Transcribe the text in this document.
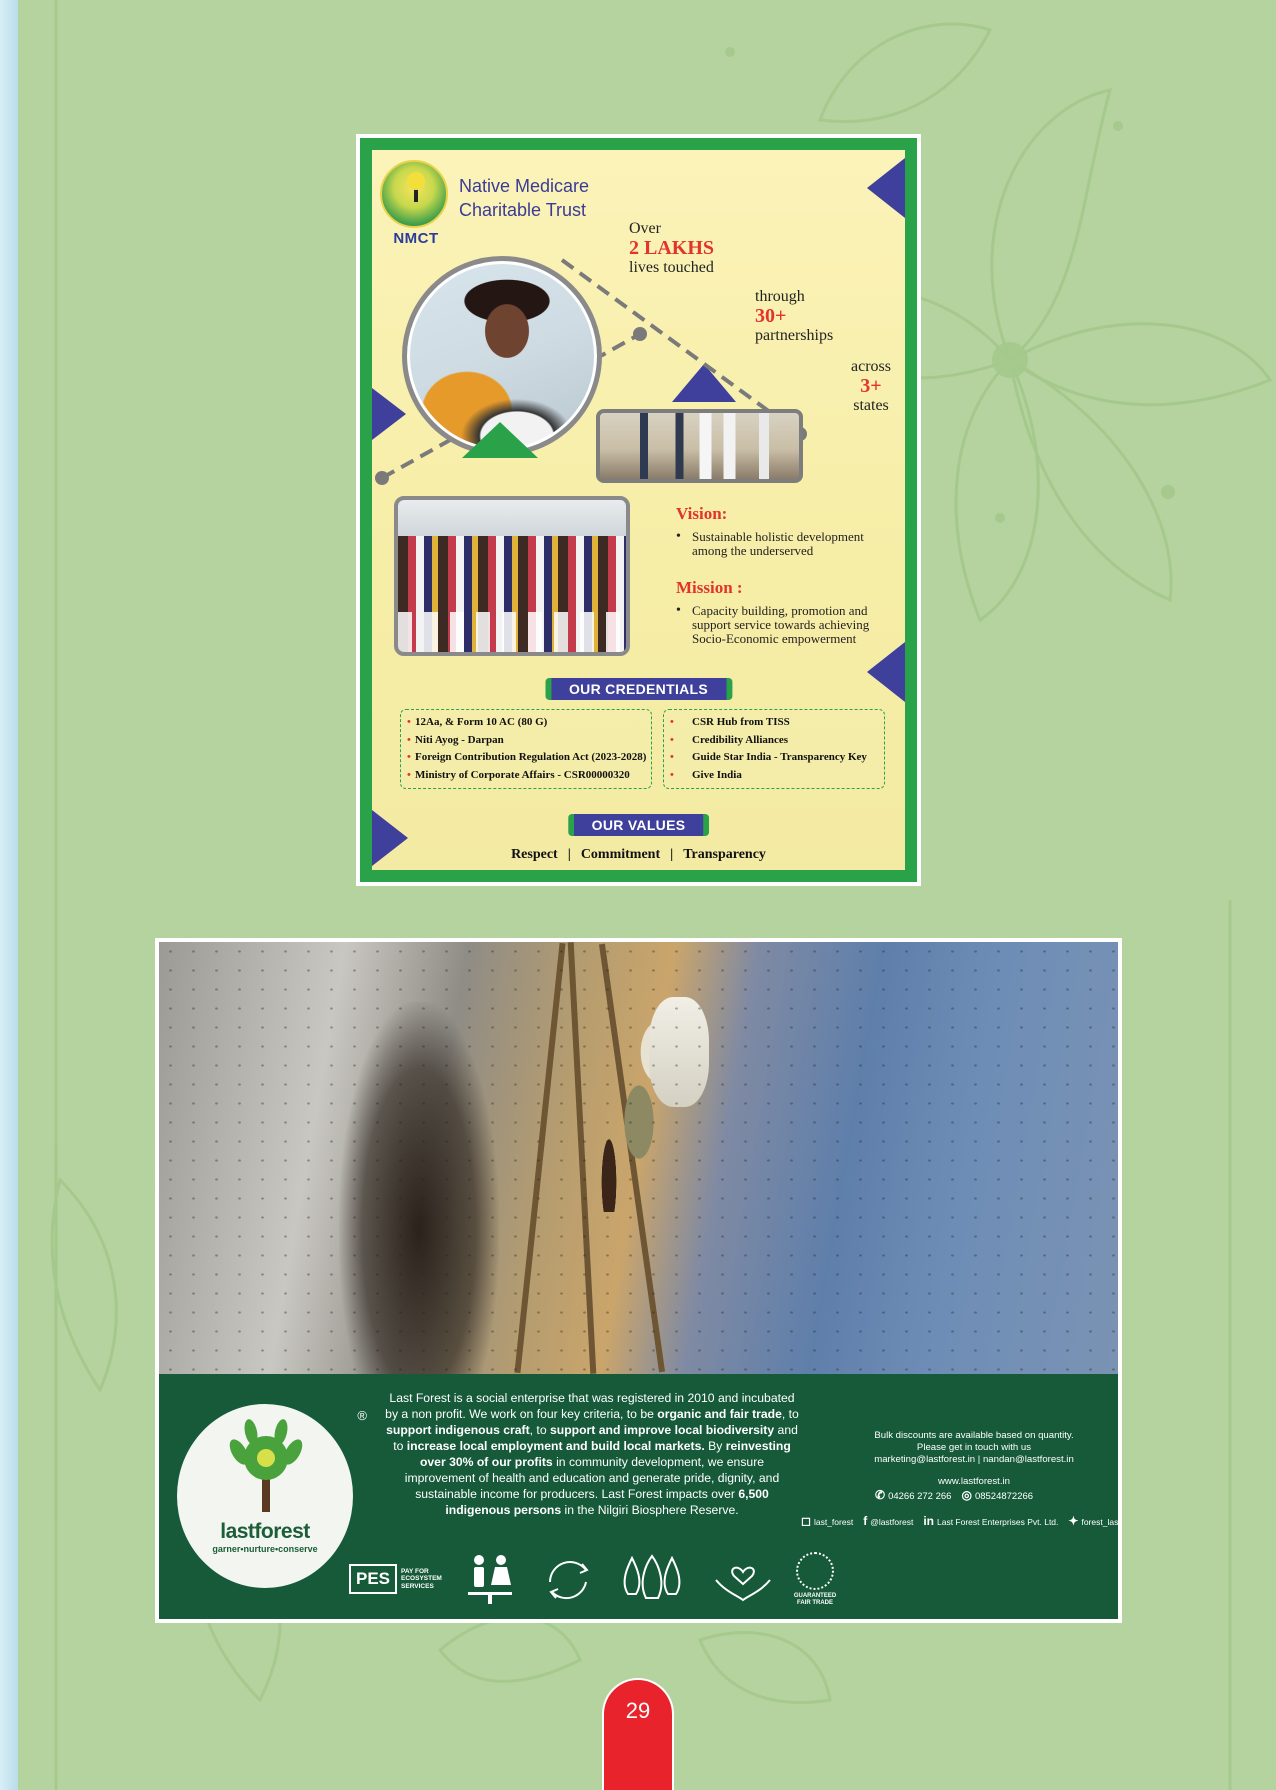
NMCT
Native Medicare
Charitable Trust
Over
2 LAKHS
lives touched
through
30+
partnerships
across
3+
states
Vision:
• Sustainable holistic development among the underserved
Mission :
• Capacity building, promotion and support service towards achieving Socio-Economic empowerment
OUR CREDENTIALS
• 12Aa, & Form 10 AC (80 G)
• Niti Ayog - Darpan
• Foreign Contribution Regulation Act (2023-2028)
• Ministry of Corporate Affairs - CSR00000320
• CSR Hub from TISS
• Credibility Alliances
• Guide Star India - Transparency Key
• Give India
OUR VALUES
Respect | Commitment | Transparency
®
lastforest
garner•nurture•conserve

Last Forest is a social enterprise that was registered in 2010 and incubated by a non profit. We work on four key criteria, to be organic and fair trade, to support indigenous craft, to support and improve local biodiversity and to increase local employment and build local markets. By reinvesting over 30% of our profits in community development, we ensure improvement of health and education and generate pride, dignity, and sustainable income for producers. Last Forest impacts over 6,500 indigenous persons in the Nilgiri Biosphere Reserve.

Bulk discounts are available based on quantity.
Please get in touch with us
marketing@lastforest.in | nandan@lastforest.in
www.lastforest.in
✆ 04266 272 266 ◎ 08524872266
◻ last_forest f @lastforest in Last Forest Enterprises Pvt. Ltd. ✦ forest_last
PES	PAY FOR
ECOSYSTEM
SERVICES
GUARANTEED
FAIR TRADE
29
